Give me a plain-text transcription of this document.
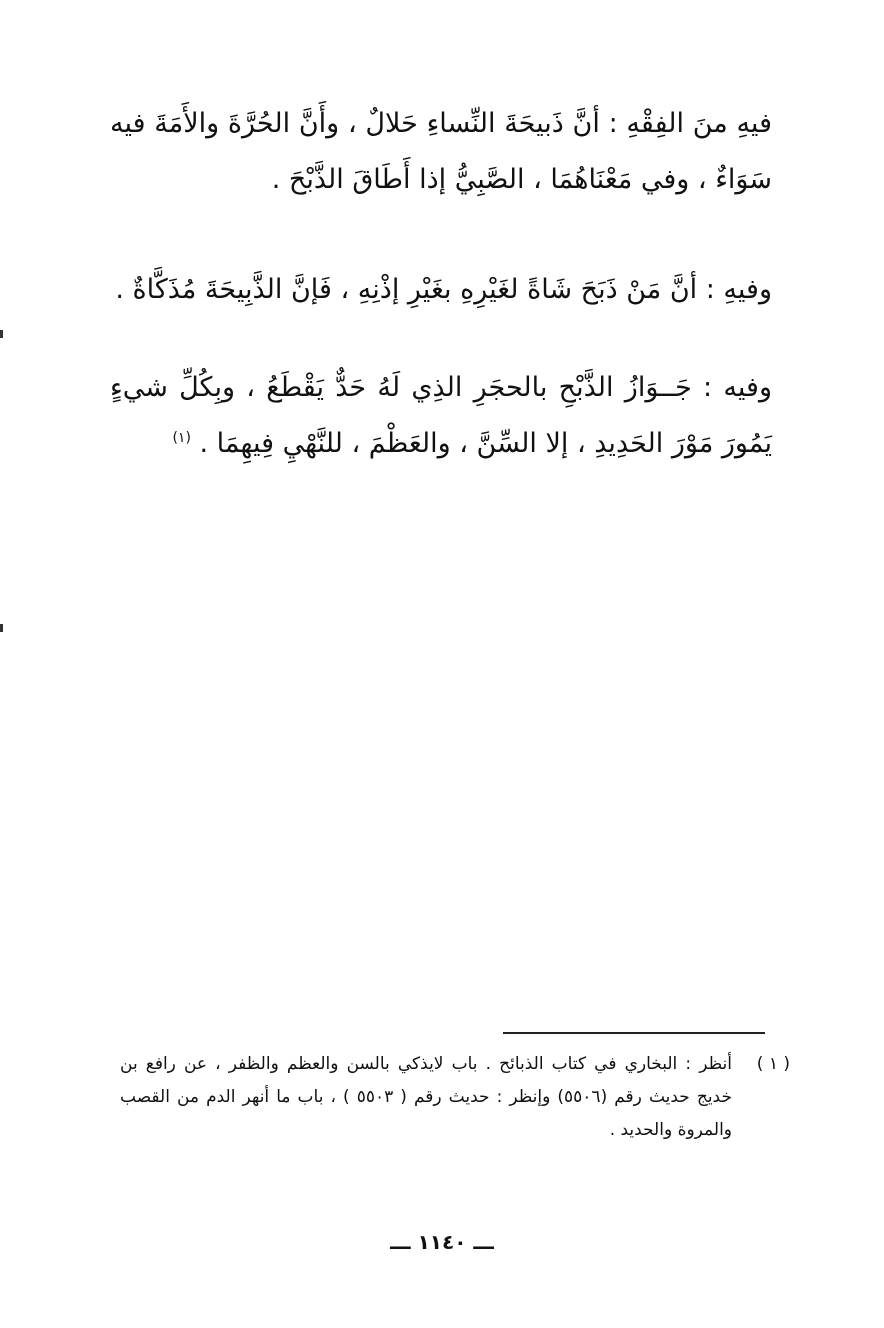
فيهِ منَ الفِقْهِ : أنَّ ذَبيحَةَ النِّساءِ حَلالٌ ، وأَنَّ الحُرَّةَ والأَمَةَ فيه سَوَاءٌ ، وفي مَعْنَاهُمَا ، الصَّبِيُّ إذا أَطَاقَ الذَّبْحَ .

وفيهِ : أنَّ مَنْ ذَبَحَ شَاةً لغَيْرِهِ بغَيْرِ إذْنِهِ ، فَإنَّ الذَّبِيحَةَ مُذَكَّاةٌ .

وفيه : جَــوَازُ الذَّبْحِ بالحجَرِ الذِي لَهُ حَدٌّ يَقْطَعُ ، وبِكُلِّ شيءٍ يَمُورَ مَوْرَ الحَدِيدِ ، إلا السِّنَّ ، والعَظْمَ ، للنَّهْيِ فِيهِمَا . $^{(١)}$

( ١ )
أنظر : البخاري في كتاب الذبائح . باب لايذكي بالسن والعظم والظفر ، عن رافع بن خديج حديث رقم (٥٥٠٦) وإنظر : حديث رقم ( ٥٥٠٣ ) ، باب ما أنهر الدم من القصب والمروة والحديد .
ـــ ١١٤٠ ـــ
